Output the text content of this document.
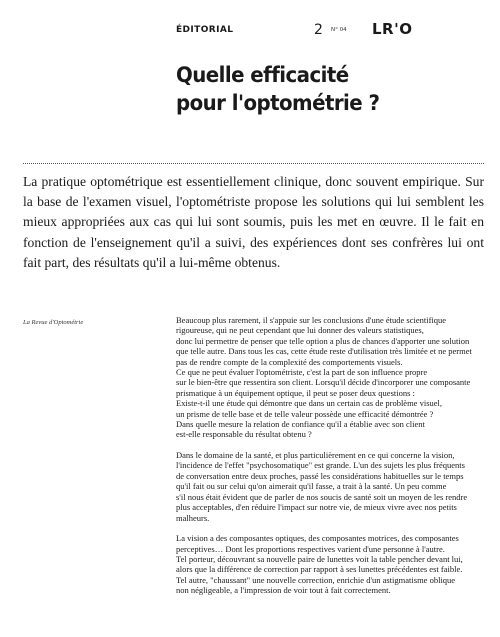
ÉDITORIAL	2 N° 04 LR'O
Quelle efficacité
pour l'optométrie ?
La pratique optométrique est essentiellement clinique, donc souvent empirique. Sur la base de l'examen visuel, l'optométriste propose les solutions qui lui semblent les mieux appropriées aux cas qui lui sont soumis, puis les met en œuvre. Il le fait en fonction de l'enseignement qu'il a suivi, des expériences dont ses confrères lui ont fait part, des résultats qu'il a lui-même obtenus.
La Revue d'Optométrie	Beaucoup plus rarement, il s'appuie sur les conclusions d'une étude scientifique
rigoureuse, qui ne peut cependant que lui donner des valeurs statistiques,
donc lui permettre de penser que telle option a plus de chances d'apporter une solution
que telle autre. Dans tous les cas, cette étude reste d'utilisation très limitée et ne permet
pas de rendre compte de la complexité des comportements visuels.
Ce que ne peut évaluer l'optométriste, c'est la part de son influence propre
sur le bien-être que ressentira son client. Lorsqu'il décide d'incorporer une composante
prismatique à un équipement optique, il peut se poser deux questions :
Existe-t-il une étude qui démontre que dans un certain cas de problème visuel,
un prisme de telle base et de telle valeur possède une efficacité démontrée ?
Dans quelle mesure la relation de confiance qu'il a établie avec son client
est-elle responsable du résultat obtenu ?

Dans le domaine de la santé, et plus particulièrement en ce qui concerne la vision,
l'incidence de l'effet "psychosomatique" est grande. L'un des sujets les plus fréquents
de conversation entre deux proches, passé les considérations habituelles sur le temps
qu'il fait ou sur celui qu'on aimerait qu'il fasse, a trait à la santé. Un peu comme
s'il nous était évident que de parler de nos soucis de santé soit un moyen de les rendre
plus acceptables, d'en réduire l'impact sur notre vie, de mieux vivre avec nos petits
malheurs.

La vision a des composantes optiques, des composantes motrices, des composantes
perceptives… Dont les proportions respectives varient d'une personne à l'autre.
Tel porteur, découvrant sa nouvelle paire de lunettes voit la table pencher devant lui,
alors que la différence de correction par rapport à ses lunettes précédentes est faible.
Tel autre, "chaussant" une nouvelle correction, enrichie d'un astigmatisme oblique
non négligeable, a l'impression de voir tout à fait correctement.
